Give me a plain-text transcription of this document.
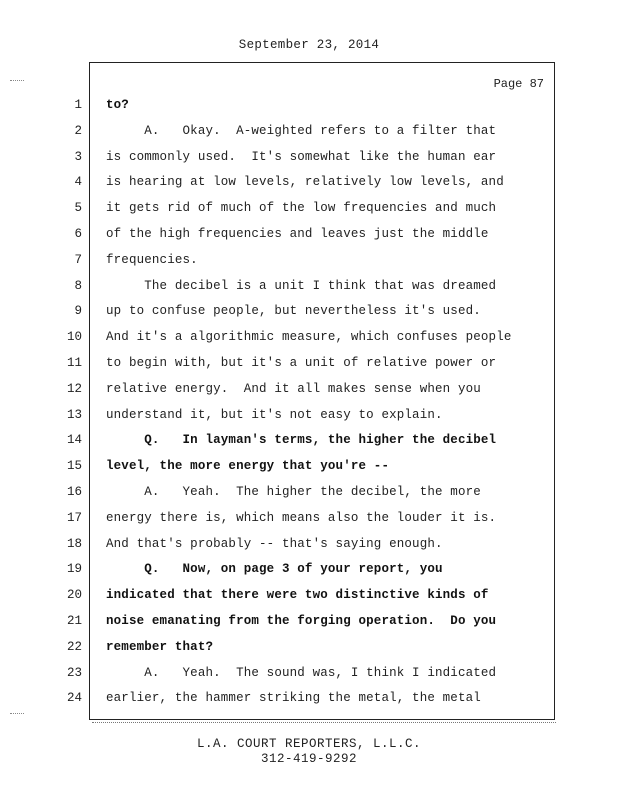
September 23, 2014
Page 87
1 to?
2 A.   Okay.  A-weighted refers to a filter that
3 is commonly used.  It's somewhat like the human ear
4 is hearing at low levels, relatively low levels, and
5 it gets rid of much of the low frequencies and much
6 of the high frequencies and leaves just the middle
7 frequencies.
8 The decibel is a unit I think that was dreamed
9 up to confuse people, but nevertheless it's used.
10 And it's a algorithmic measure, which confuses people
11 to begin with, but it's a unit of relative power or
12 relative energy.  And it all makes sense when you
13 understand it, but it's not easy to explain.
14 Q.   In layman's terms, the higher the decibel
15 level, the more energy that you're --
16 A.   Yeah.  The higher the decibel, the more
17 energy there is, which means also the louder it is.
18 And that's probably -- that's saying enough.
19 Q.   Now, on page 3 of your report, you
20 indicated that there were two distinctive kinds of
21 noise emanating from the forging operation.  Do you
22 remember that?
23 A.   Yeah.  The sound was, I think I indicated
24 earlier, the hammer striking the metal, the metal
L.A. COURT REPORTERS, L.L.C.
312-419-9292
